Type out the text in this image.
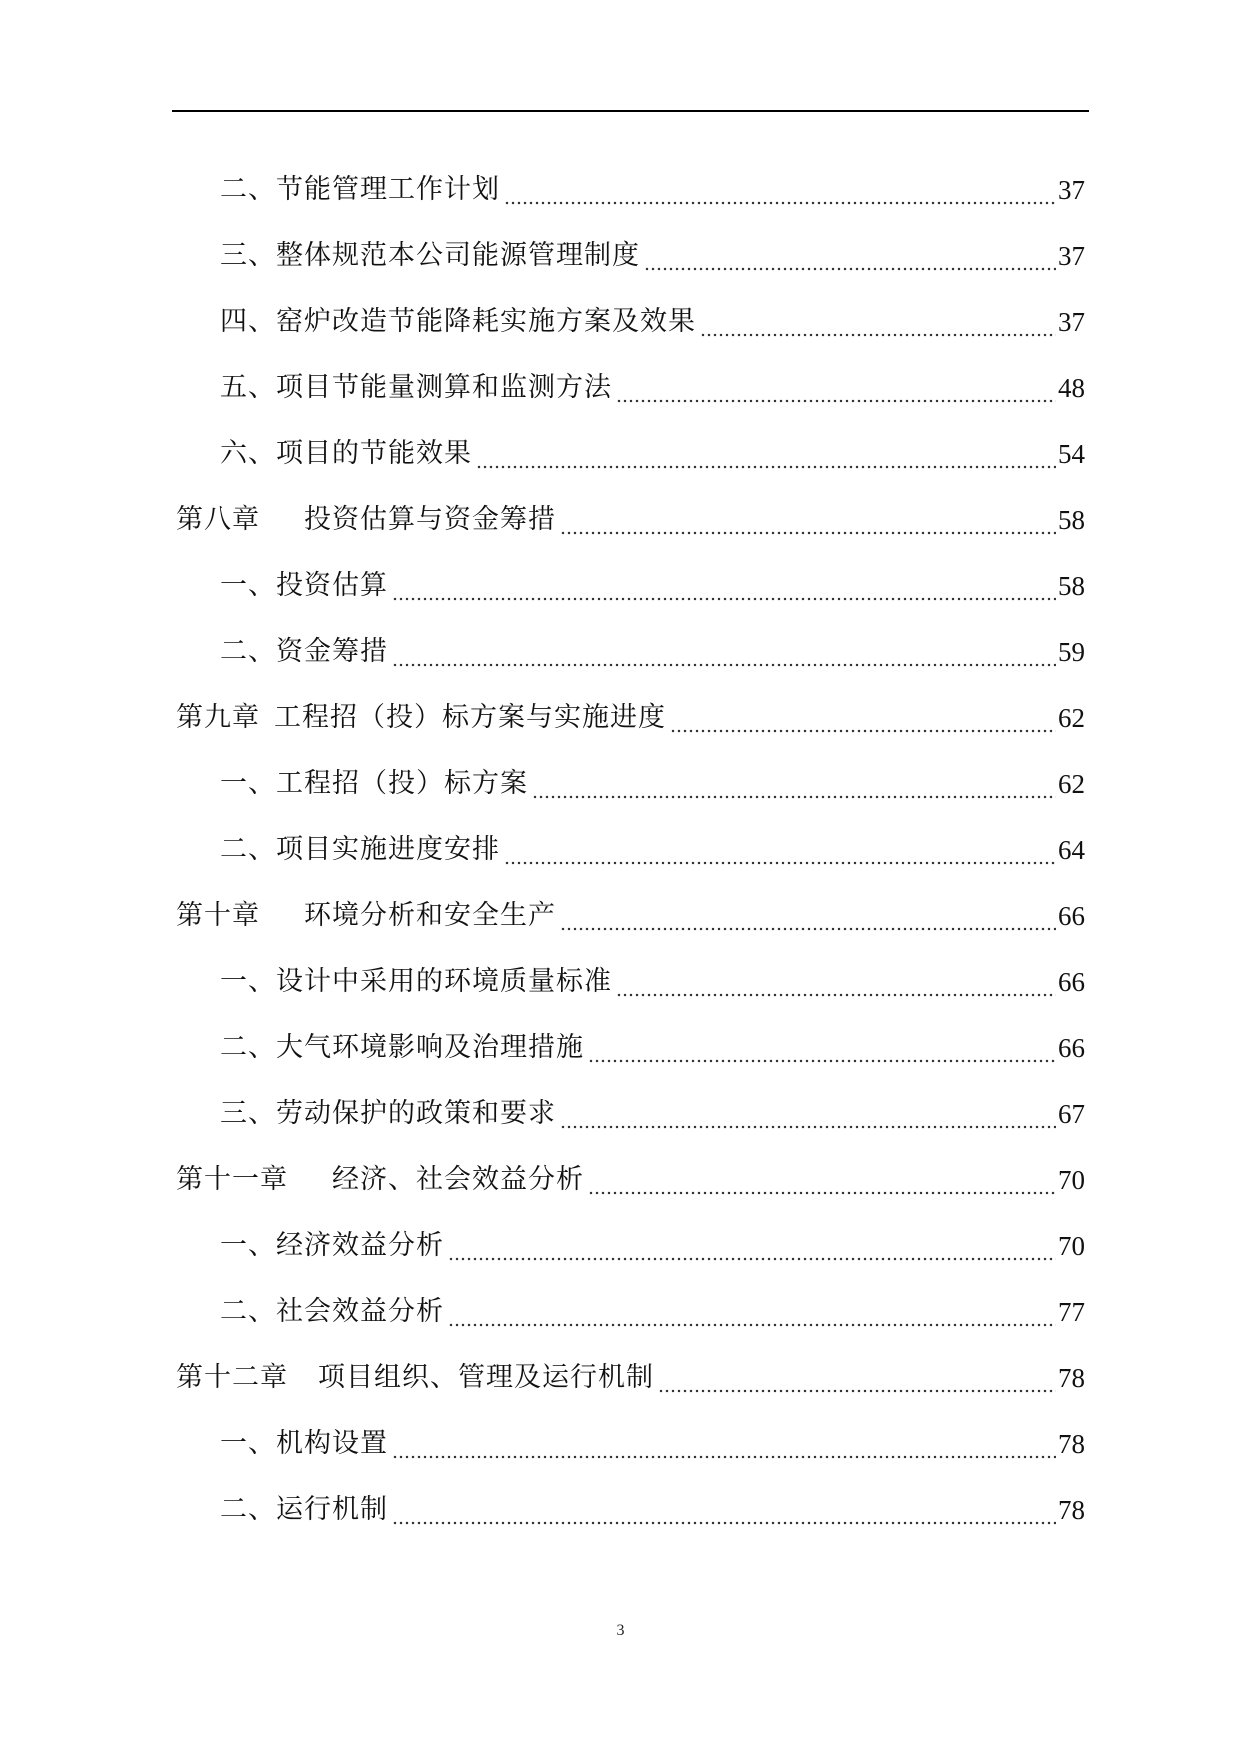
二、 节能管理工作计划	37
三、 整体规范本公司能源管理制度	37
四、 窑炉改造节能降耗实施方案及效果	37
五、 项目节能量测算和监测方法	48
六、 项目的节能效果	54
第八章 投资估算与资金筹措	58
一、 投资估算	58
二、 资金筹措	59
第九章 工程招（投）标方案与实施进度	62
一、 工程招（投）标方案	62
二、 项目实施进度安排	64
第十章 环境分析和安全生产	66
一、 设计中采用的环境质量标准	66
二、 大气环境影响及治理措施	66
三、 劳动保护的政策和要求	67
第十一章 经济、社会效益分析	70
一、 经济效益分析	70
二、 社会效益分析	77
第十二章 项目组织、管理及运行机制	78
一、 机构设置	78
二、 运行机制	78
3
